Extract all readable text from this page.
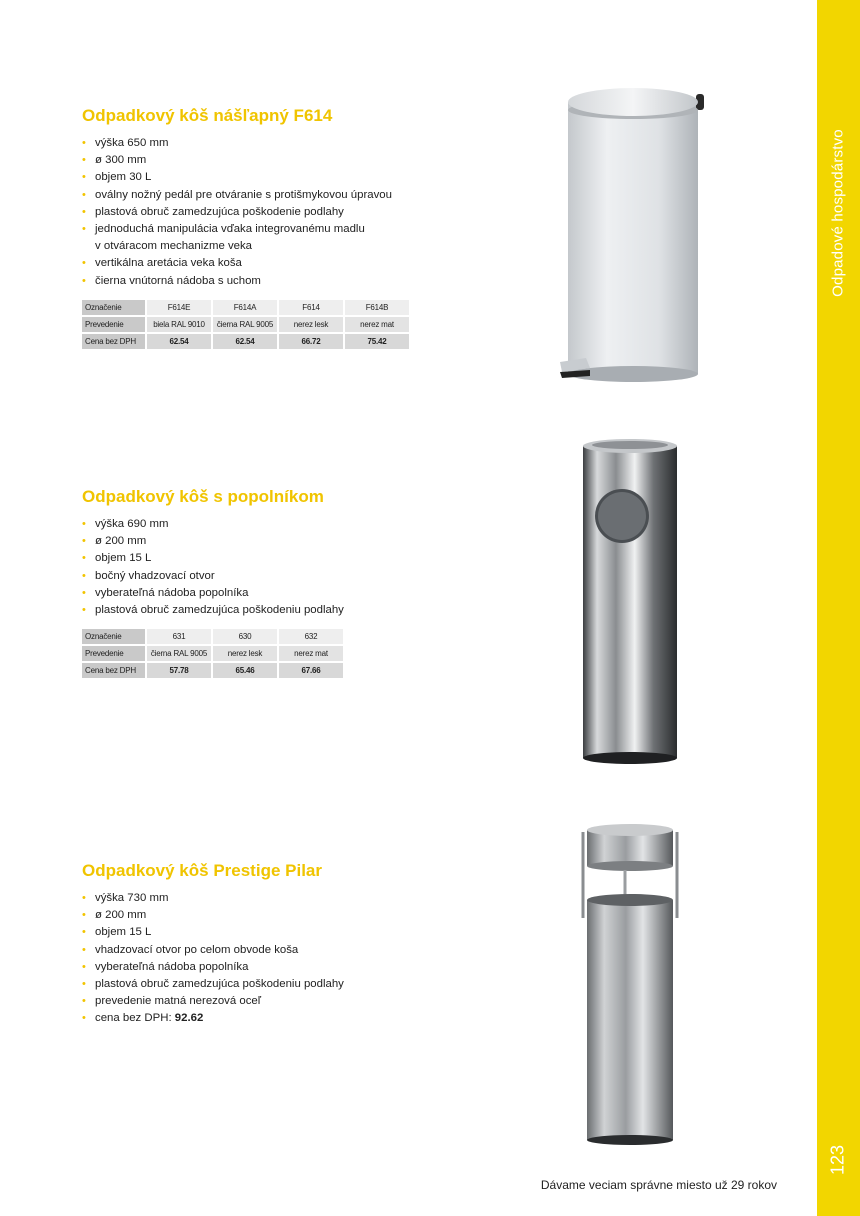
Odpadové hospodárstvo
123
Odpadkový kôš nášľapný F614
• výška 650 mm
• ø 300 mm
• objem 30 L
• oválny nožný pedál pre otváranie s protišmykovou úpravou
• plastová obruč zamedzujúca poškodenie podlahy
• jednoduchá manipulácia vďaka integrovanému madlu
v otváracom mechanizme veka
• vertikálna aretácia veka koša
• čierna vnútorná nádoba s uchom
Označenie	F614E	F614A	F614	F614B
Prevedenie	biela RAL 9010	čierna RAL 9005	nerez lesk	nerez mat
Cena bez DPH	62.54	62.54	66.72	75.42
Odpadkový kôš s popolníkom
• výška 690 mm
• ø 200 mm
• objem 15 L
• bočný vhadzovací otvor
• vyberateľná nádoba popolníka
• plastová obruč zamedzujúca poškodeniu podlahy
Označenie	631	630	632
Prevedenie	čierna RAL 9005	nerez lesk	nerez mat
Cena bez DPH	57.78	65.46	67.66
Odpadkový kôš Prestige Pilar
• výška 730 mm
• ø 200 mm
• objem 15 L
• vhadzovací otvor po celom obvode koša
• vyberateľná nádoba popolníka
• plastová obruč zamedzujúca poškodeniu podlahy
• prevedenie matná nerezová oceľ
• cena bez DPH: 92.62
Dávame veciam správne miesto už 29 rokov
